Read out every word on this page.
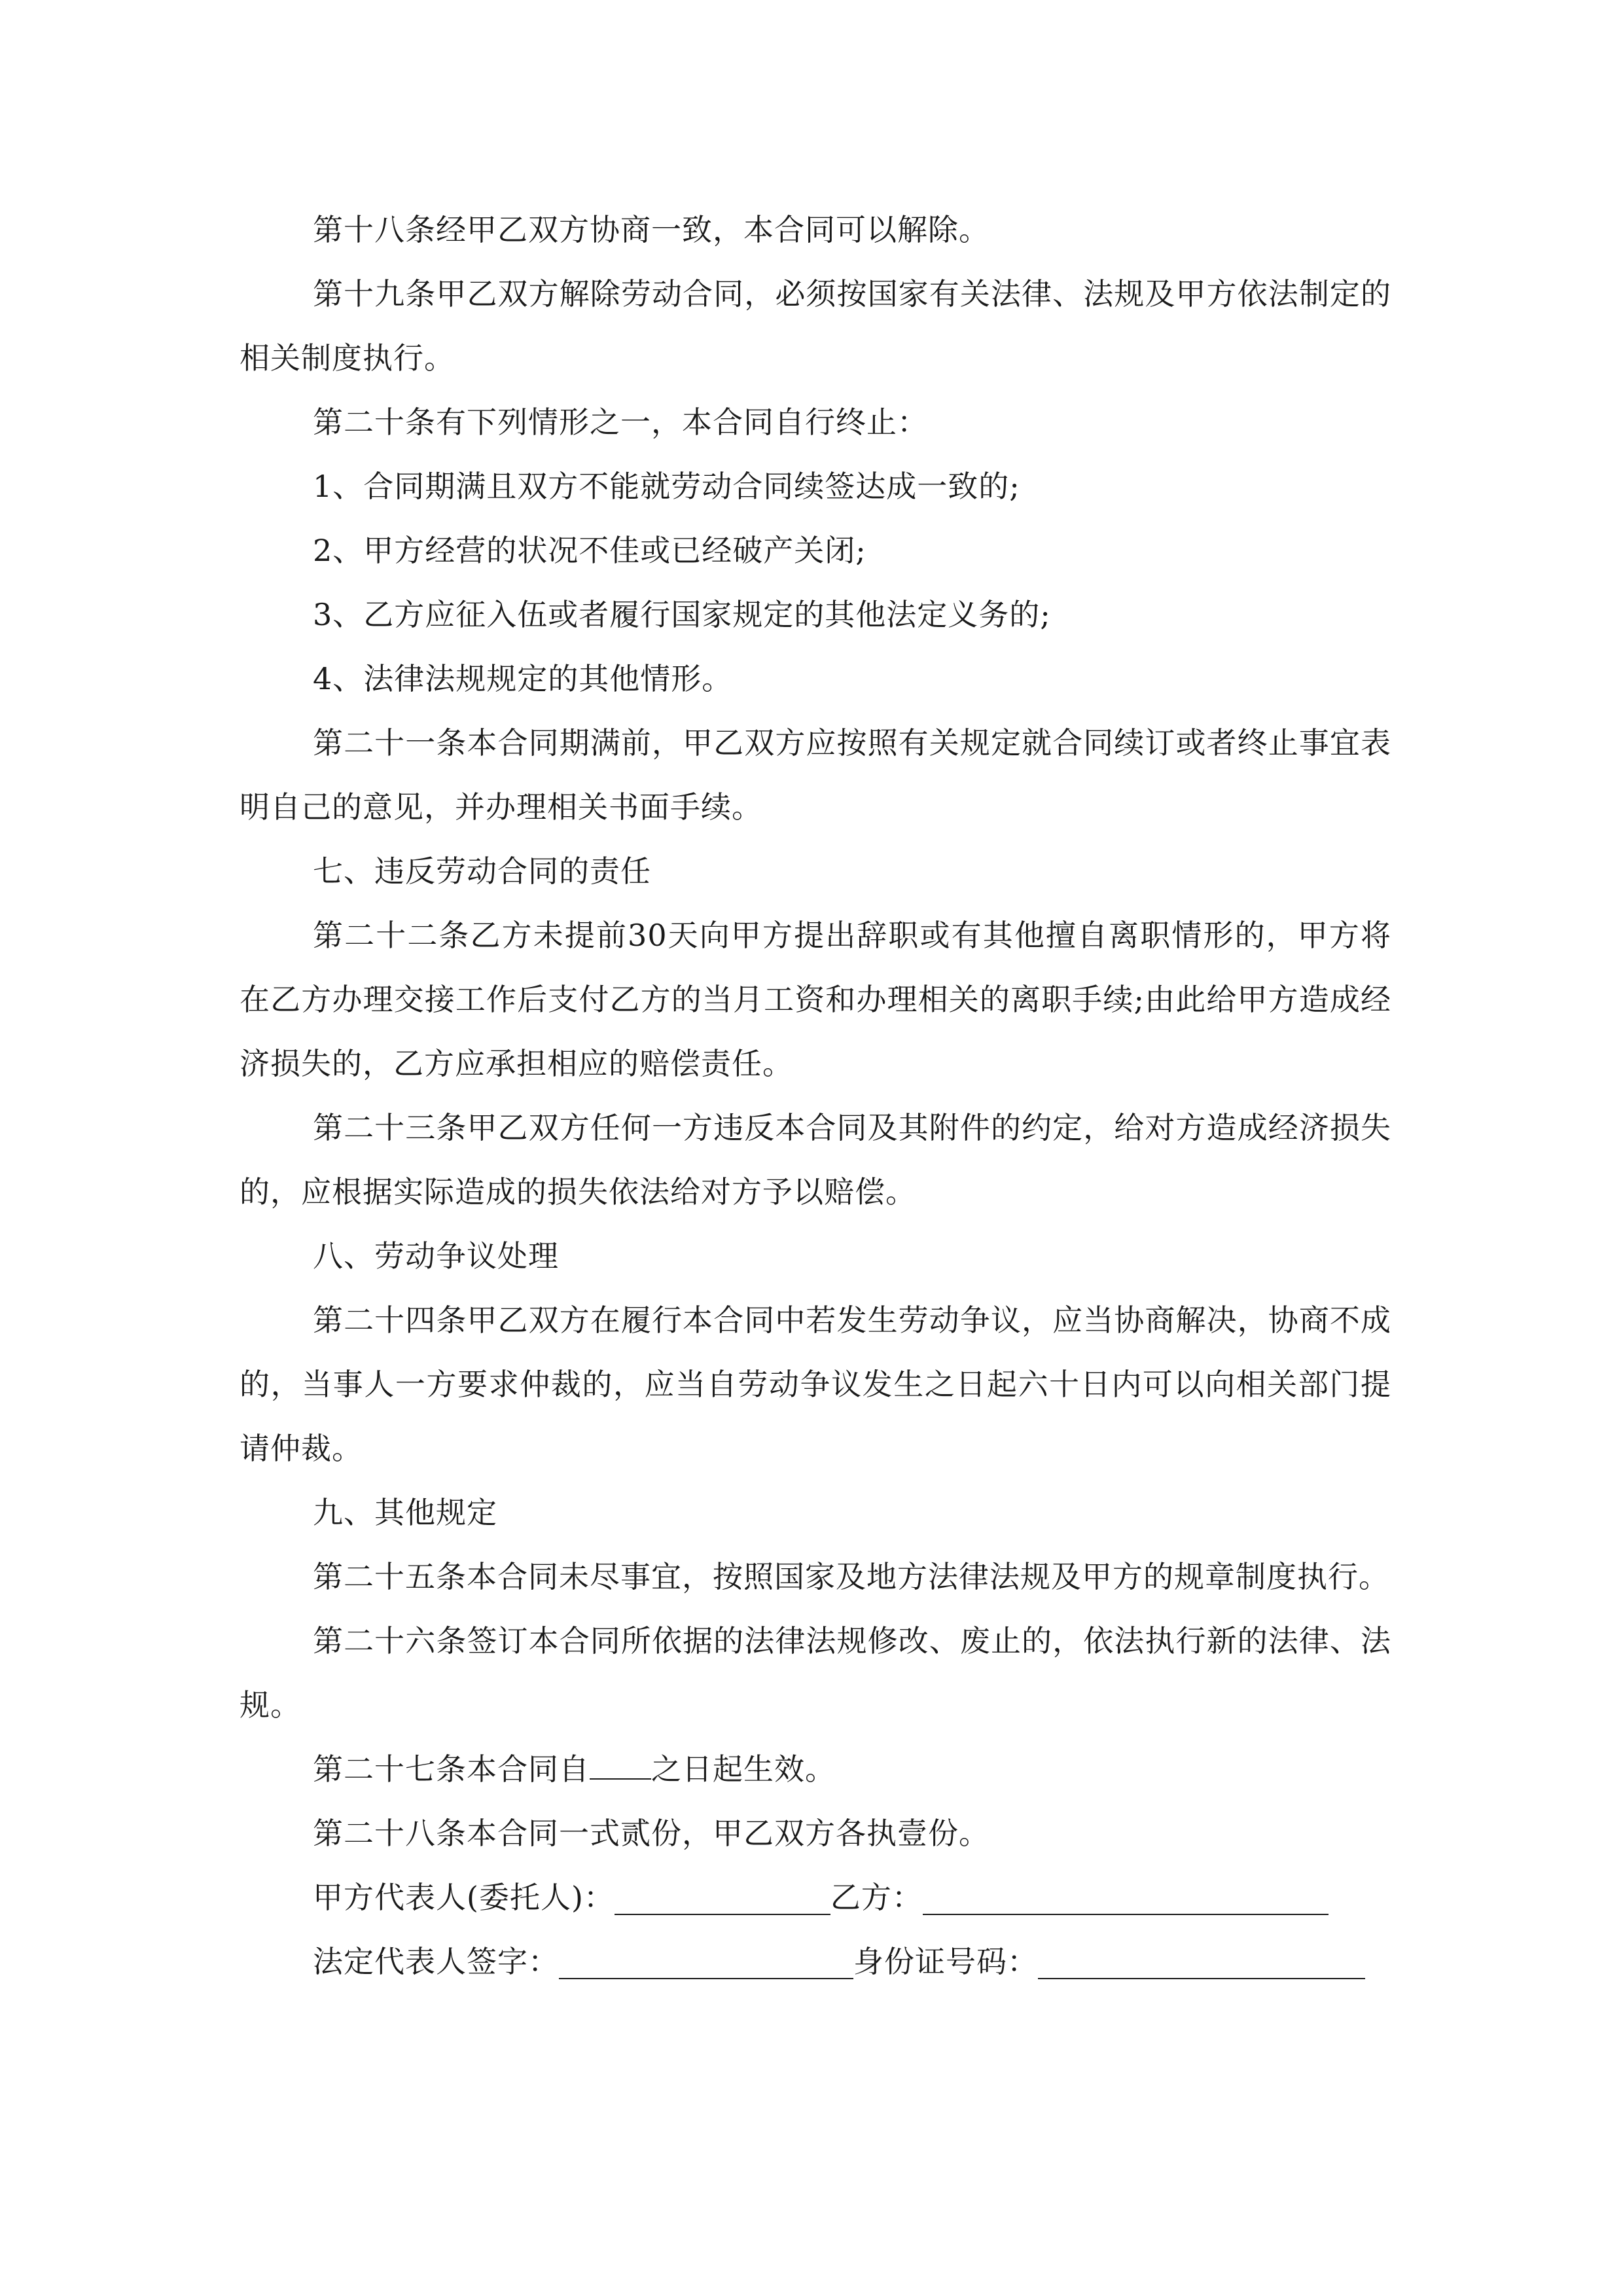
第十八条经甲乙双方协商一致，本合同可以解除。

第十九条甲乙双方解除劳动合同，必须按国家有关法律、法规及甲方依法制定的相关制度执行。

第二十条有下列情形之一，本合同自行终止：

1、合同期满且双方不能就劳动合同续签达成一致的;

2、甲方经营的状况不佳或已经破产关闭;

3、乙方应征入伍或者履行国家规定的其他法定义务的;

4、法律法规规定的其他情形。

第二十一条本合同期满前，甲乙双方应按照有关规定就合同续订或者终止事宜表明自己的意见，并办理相关书面手续。

七、违反劳动合同的责任

第二十二条乙方未提前30天向甲方提出辞职或有其他擅自离职情形的，甲方将在乙方办理交接工作后支付乙方的当月工资和办理相关的离职手续;由此给甲方造成经济损失的，乙方应承担相应的赔偿责任。

第二十三条甲乙双方任何一方违反本合同及其附件的约定，给对方造成经济损失的，应根据实际造成的损失依法给对方予以赔偿。

八、劳动争议处理

第二十四条甲乙双方在履行本合同中若发生劳动争议，应当协商解决，协商不成的，当事人一方要求仲裁的，应当自劳动争议发生之日起六十日内可以向相关部门提请仲裁。

九、其他规定

第二十五条本合同未尽事宜，按照国家及地方法律法规及甲方的规章制度执行。

第二十六条签订本合同所依据的法律法规修改、废止的，依法执行新的法律、法规。

第二十七条本合同自 之日起生效。

第二十八条本合同一式贰份，甲乙双方各执壹份。

甲方代表人(委托人)：	乙方：
法定代表人签字：	身份证号码：
